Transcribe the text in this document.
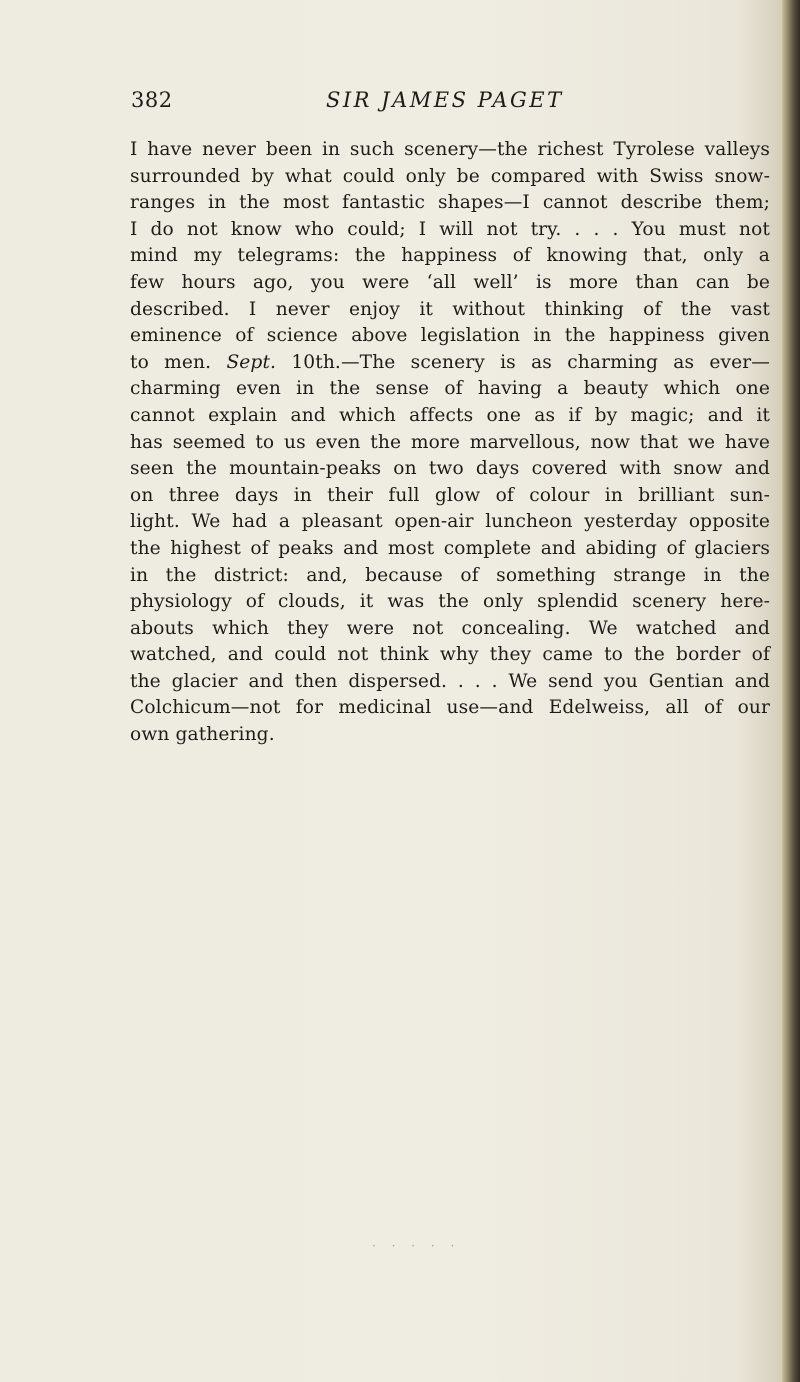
382	SIR JAMES PAGET
I have never been in such scenery—the richest Tyrolese valleys
surrounded by what could only be compared with Swiss snow-
ranges in the most fantastic shapes—I cannot describe them;
I do not know who could; I will not try. . . . You must not
mind my telegrams: the happiness of knowing that, only a
few hours ago, you were ‘all well’ is more than can be
described. I never enjoy it without thinking of the vast
eminence of science above legislation in the happiness given
to men. Sept. 10th.—The scenery is as charming as ever—
charming even in the sense of having a beauty which one
cannot explain and which affects one as if by magic; and it
has seemed to us even the more marvellous, now that we have
seen the mountain-peaks on two days covered with snow and
on three days in their full glow of colour in brilliant sun-
light. We had a pleasant open-air luncheon yesterday opposite
the highest of peaks and most complete and abiding of glaciers
in the district: and, because of something strange in the
physiology of clouds, it was the only splendid scenery here-
abouts which they were not concealing. We watched and
watched, and could not think why they came to the border of
the glacier and then dispersed. . . . We send you Gentian and
Colchicum—not for medicinal use—and Edelweiss, all of our
own gathering.
· · · · ·
